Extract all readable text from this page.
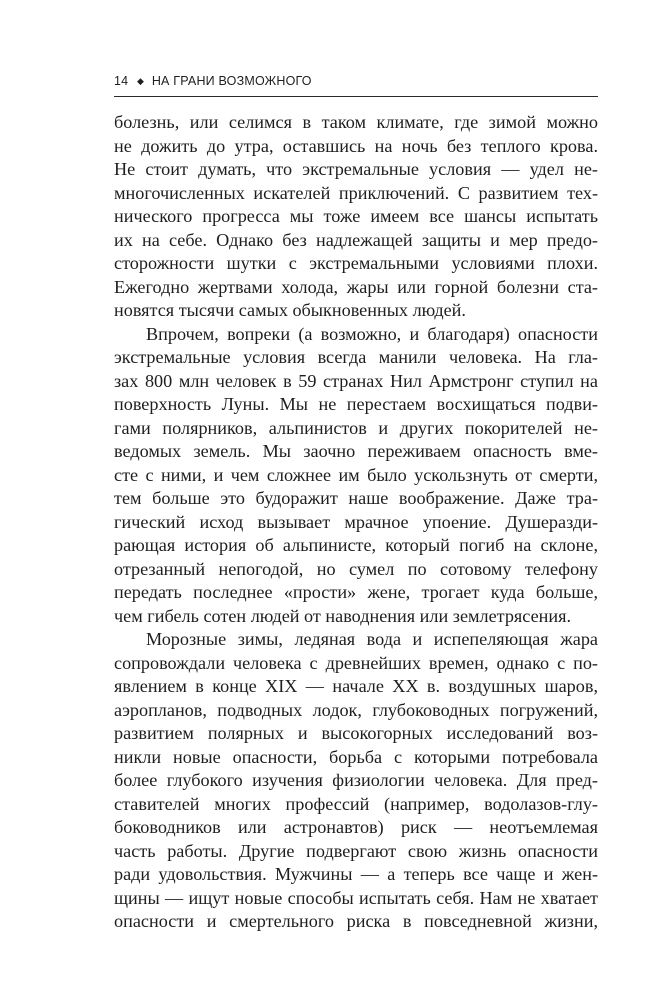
14 ◆ НА ГРАНИ ВОЗМОЖНОГО
болезнь, или селимся в таком климате, где зимой можно
не дожить до утра, оставшись на ночь без теплого крова.
Не стоит думать, что экстремальные условия — удел не-
многочисленных искателей приключений. С развитием тех-
нического прогресса мы тоже имеем все шансы испытать
их на себе. Однако без надлежащей защиты и мер предо-
сторожности шутки с экстремальными условиями плохи.
Ежегодно жертвами холода, жары или горной болезни ста-
новятся тысячи самых обыкновенных людей.
Впрочем, вопреки (а возможно, и благодаря) опасности
экстремальные условия всегда манили человека. На гла-
зах 800 млн человек в 59 странах Нил Армстронг ступил на
поверхность Луны. Мы не перестаем восхищаться подви-
гами полярников, альпинистов и других покорителей не-
ведомых земель. Мы заочно переживаем опасность вме-
сте с ними, и чем сложнее им было ускользнуть от смерти,
тем больше это будоражит наше воображение. Даже тра-
гический исход вызывает мрачное упоение. Душеразди-
рающая история об альпинисте, который погиб на склоне,
отрезанный непогодой, но сумел по сотовому телефону
передать последнее «прости» жене, трогает куда больше,
чем гибель сотен людей от наводнения или землетрясения.
Морозные зимы, ледяная вода и испепеляющая жара
сопровождали человека с древнейших времен, однако с по-
явлением в конце XIX — начале XX в. воздушных шаров,
аэропланов, подводных лодок, глубоководных погружений,
развитием полярных и высокогорных исследований воз-
никли новые опасности, борьба с которыми потребовала
более глубокого изучения физиологии человека. Для пред-
ставителей многих профессий (например, водолазов-глу-
боководников или астронавтов) риск — неотъемлемая
часть работы. Другие подвергают свою жизнь опасности
ради удовольствия. Мужчины — а теперь все чаще и жен-
щины — ищут новые способы испытать себя. Нам не хватает
опасности и смертельного риска в повседневной жизни,
